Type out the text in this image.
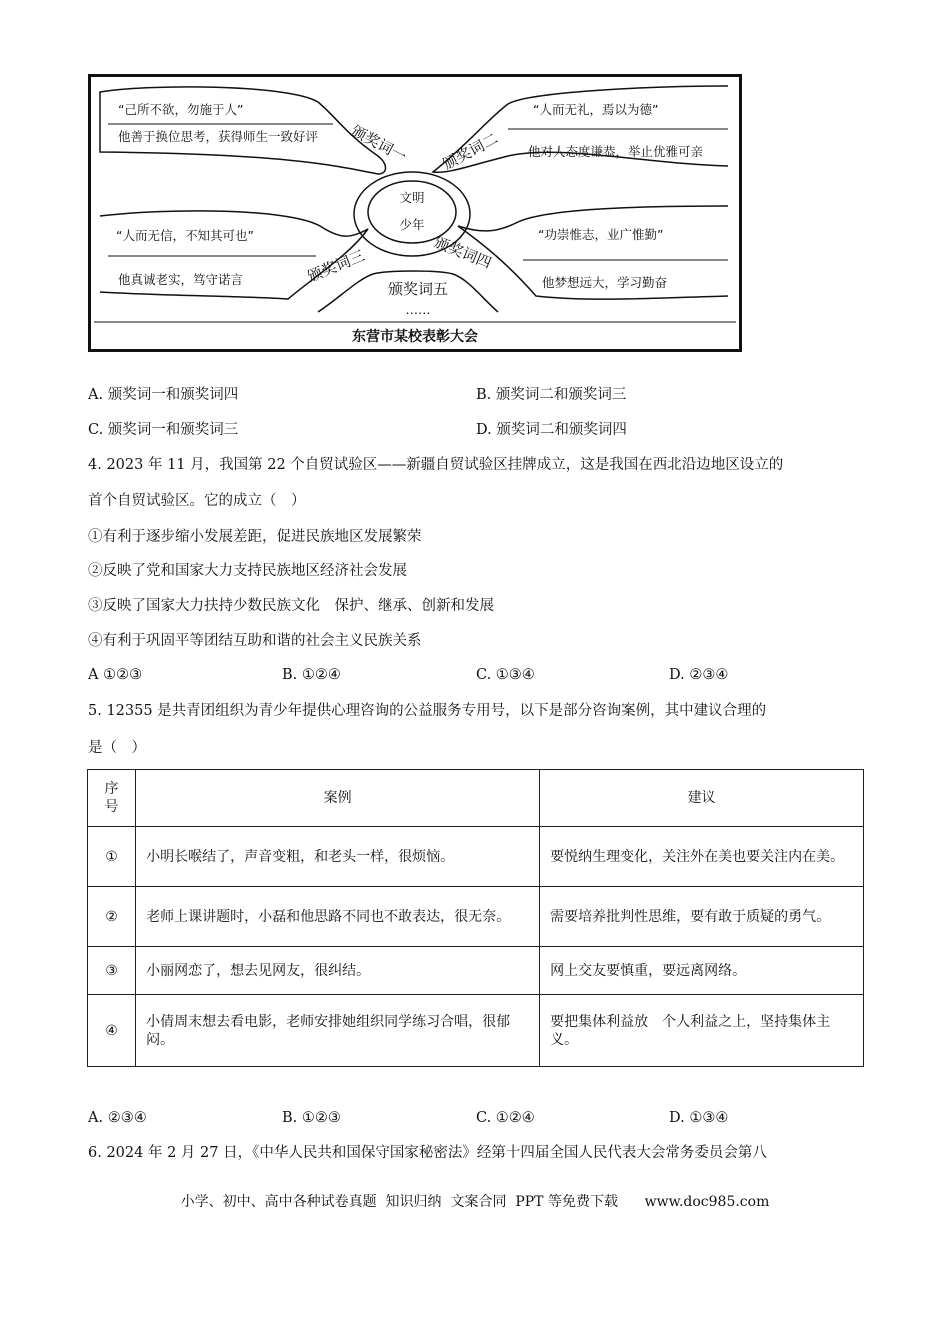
文明
少年
“己所不欲，勿施于人”
他善于换位思考，获得师生一致好评 颁奖词一
“人而无礼，焉以为德”
他对人态度谦恭，举止优雅可亲
颁奖词二
“人而无信，不知其可也”
他真诚老实，笃守诺言	颁奖词三
“功崇惟志，业广惟勤”
他梦想远大，学习勤奋
颁奖词四
颁奖词五
……
东营市某校表彰大会
A. 颁奖词一和颁奖词四	B. 颁奖词二和颁奖词三
C. 颁奖词一和颁奖词三	D. 颁奖词二和颁奖词四
4. 2023 年 11 月，我国第 22 个自贸试验区——新疆自贸试验区挂牌成立，这是我国在西北沿边地区设立的
首个自贸试验区。它的成立（　）
①有利于逐步缩小发展差距，促进民族地区发展繁荣
②反映了党和国家大力支持民族地区经济社会发展
③反映了国家大力扶持少数民族文化　保护、继承、创新和发展
④有利于巩固平等团结互助和谐的社会主义民族关系
A ①②③	B. ①②④	C. ①③④	D. ②③④
5. 12355 是共青团组织为青少年提供心理咨询的公益服务专用号，以下是部分咨询案例，其中建议合理的
是（　）
序号	案例	建议
①	小明长喉结了，声音变粗，和老头一样，很烦恼。	要悦纳生理变化，关注外在美也要关注内在美。
②	老师上课讲题时，小磊和他思路不同也不敢表达，很无奈。	需要培养批判性思维，要有敢于质疑的勇气。
③	小丽网恋了，想去见网友，很纠结。	网上交友要慎重，要远离网络。
④	小倩周末想去看电影，老师安排她组织同学练习合唱，很郁闷。	要把集体利益放　个人利益之上，坚持集体主义。
A. ②③④	B. ①②③	C. ①②④	D. ①③④
6. 2024 年 2 月 27 日，《中华人民共和国保守国家秘密法》经第十四届全国人民代表大会常务委员会第八
小学、初中、高中各种试卷真题  知识归纳  文案合同  PPT 等免费下载      www.doc985.com
